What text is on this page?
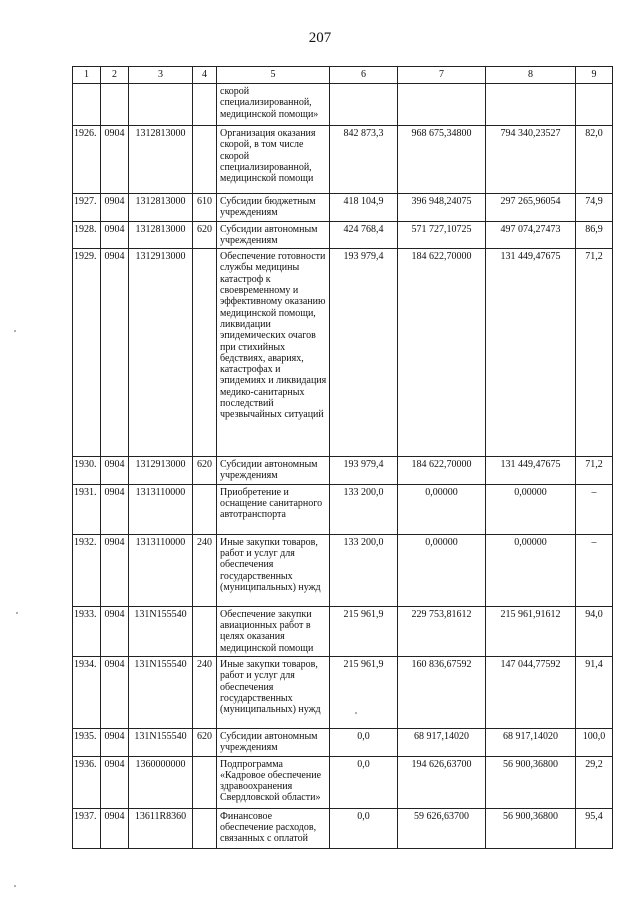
207
1	2	3	4	5	6	7	8	9
				скорой специализированной, медицинской помощи»				
1926.	0904	1312813000		Организация оказания скорой, в том числе скорой специализированной, медицинской помощи	842 873,3	968 675,34800	794 340,23527	82,0
1927.	0904	1312813000	610	Субсидии бюджетным учреждениям	418 104,9	396 948,24075	297 265,96054	74,9
1928.	0904	1312813000	620	Субсидии автономным учреждениям	424 768,4	571 727,10725	497 074,27473	86,9
1929.	0904	1312913000		Обеспечение готовности службы медицины катастроф к своевременному и эффективному оказанию медицинской помощи, ликвидации эпидемических очагов при стихийных бедствиях, авариях, катастрофах и эпидемиях и ликвидация медико-санитарных последствий чрезвычайных ситуаций	193 979,4	184 622,70000	131 449,47675	71,2
1930.	0904	1312913000	620	Субсидии автономным учреждениям	193 979,4	184 622,70000	131 449,47675	71,2
1931.	0904	1313110000		Приобретение и оснащение санитарного автотранспорта	133 200,0	0,00000	0,00000	–
1932.	0904	1313110000	240	Иные закупки товаров, работ и услуг для обеспечения государственных (муниципальных) нужд	133 200,0	0,00000	0,00000	–
1933.	0904	131N155540		Обеспечение закупки авиационных работ в целях оказания медицинской помощи	215 961,9	229 753,81612	215 961,91612	94,0
1934.	0904	131N155540	240	Иные закупки товаров, работ и услуг для обеспечения государственных (муниципальных) нужд	215 961,9	160 836,67592	147 044,77592	91,4
1935.	0904	131N155540	620	Субсидии автономным учреждениям	0,0	68 917,14020	68 917,14020	100,0
1936.	0904	1360000000		Подпрограмма «Кадровое обеспечение здравоохранения Свердловской области»	0,0	194 626,63700	56 900,36800	29,2
1937.	0904	13611R8360		Финансовое обеспечение расходов, связанных с оплатой	0,0	59 626,63700	56 900,36800	95,4
